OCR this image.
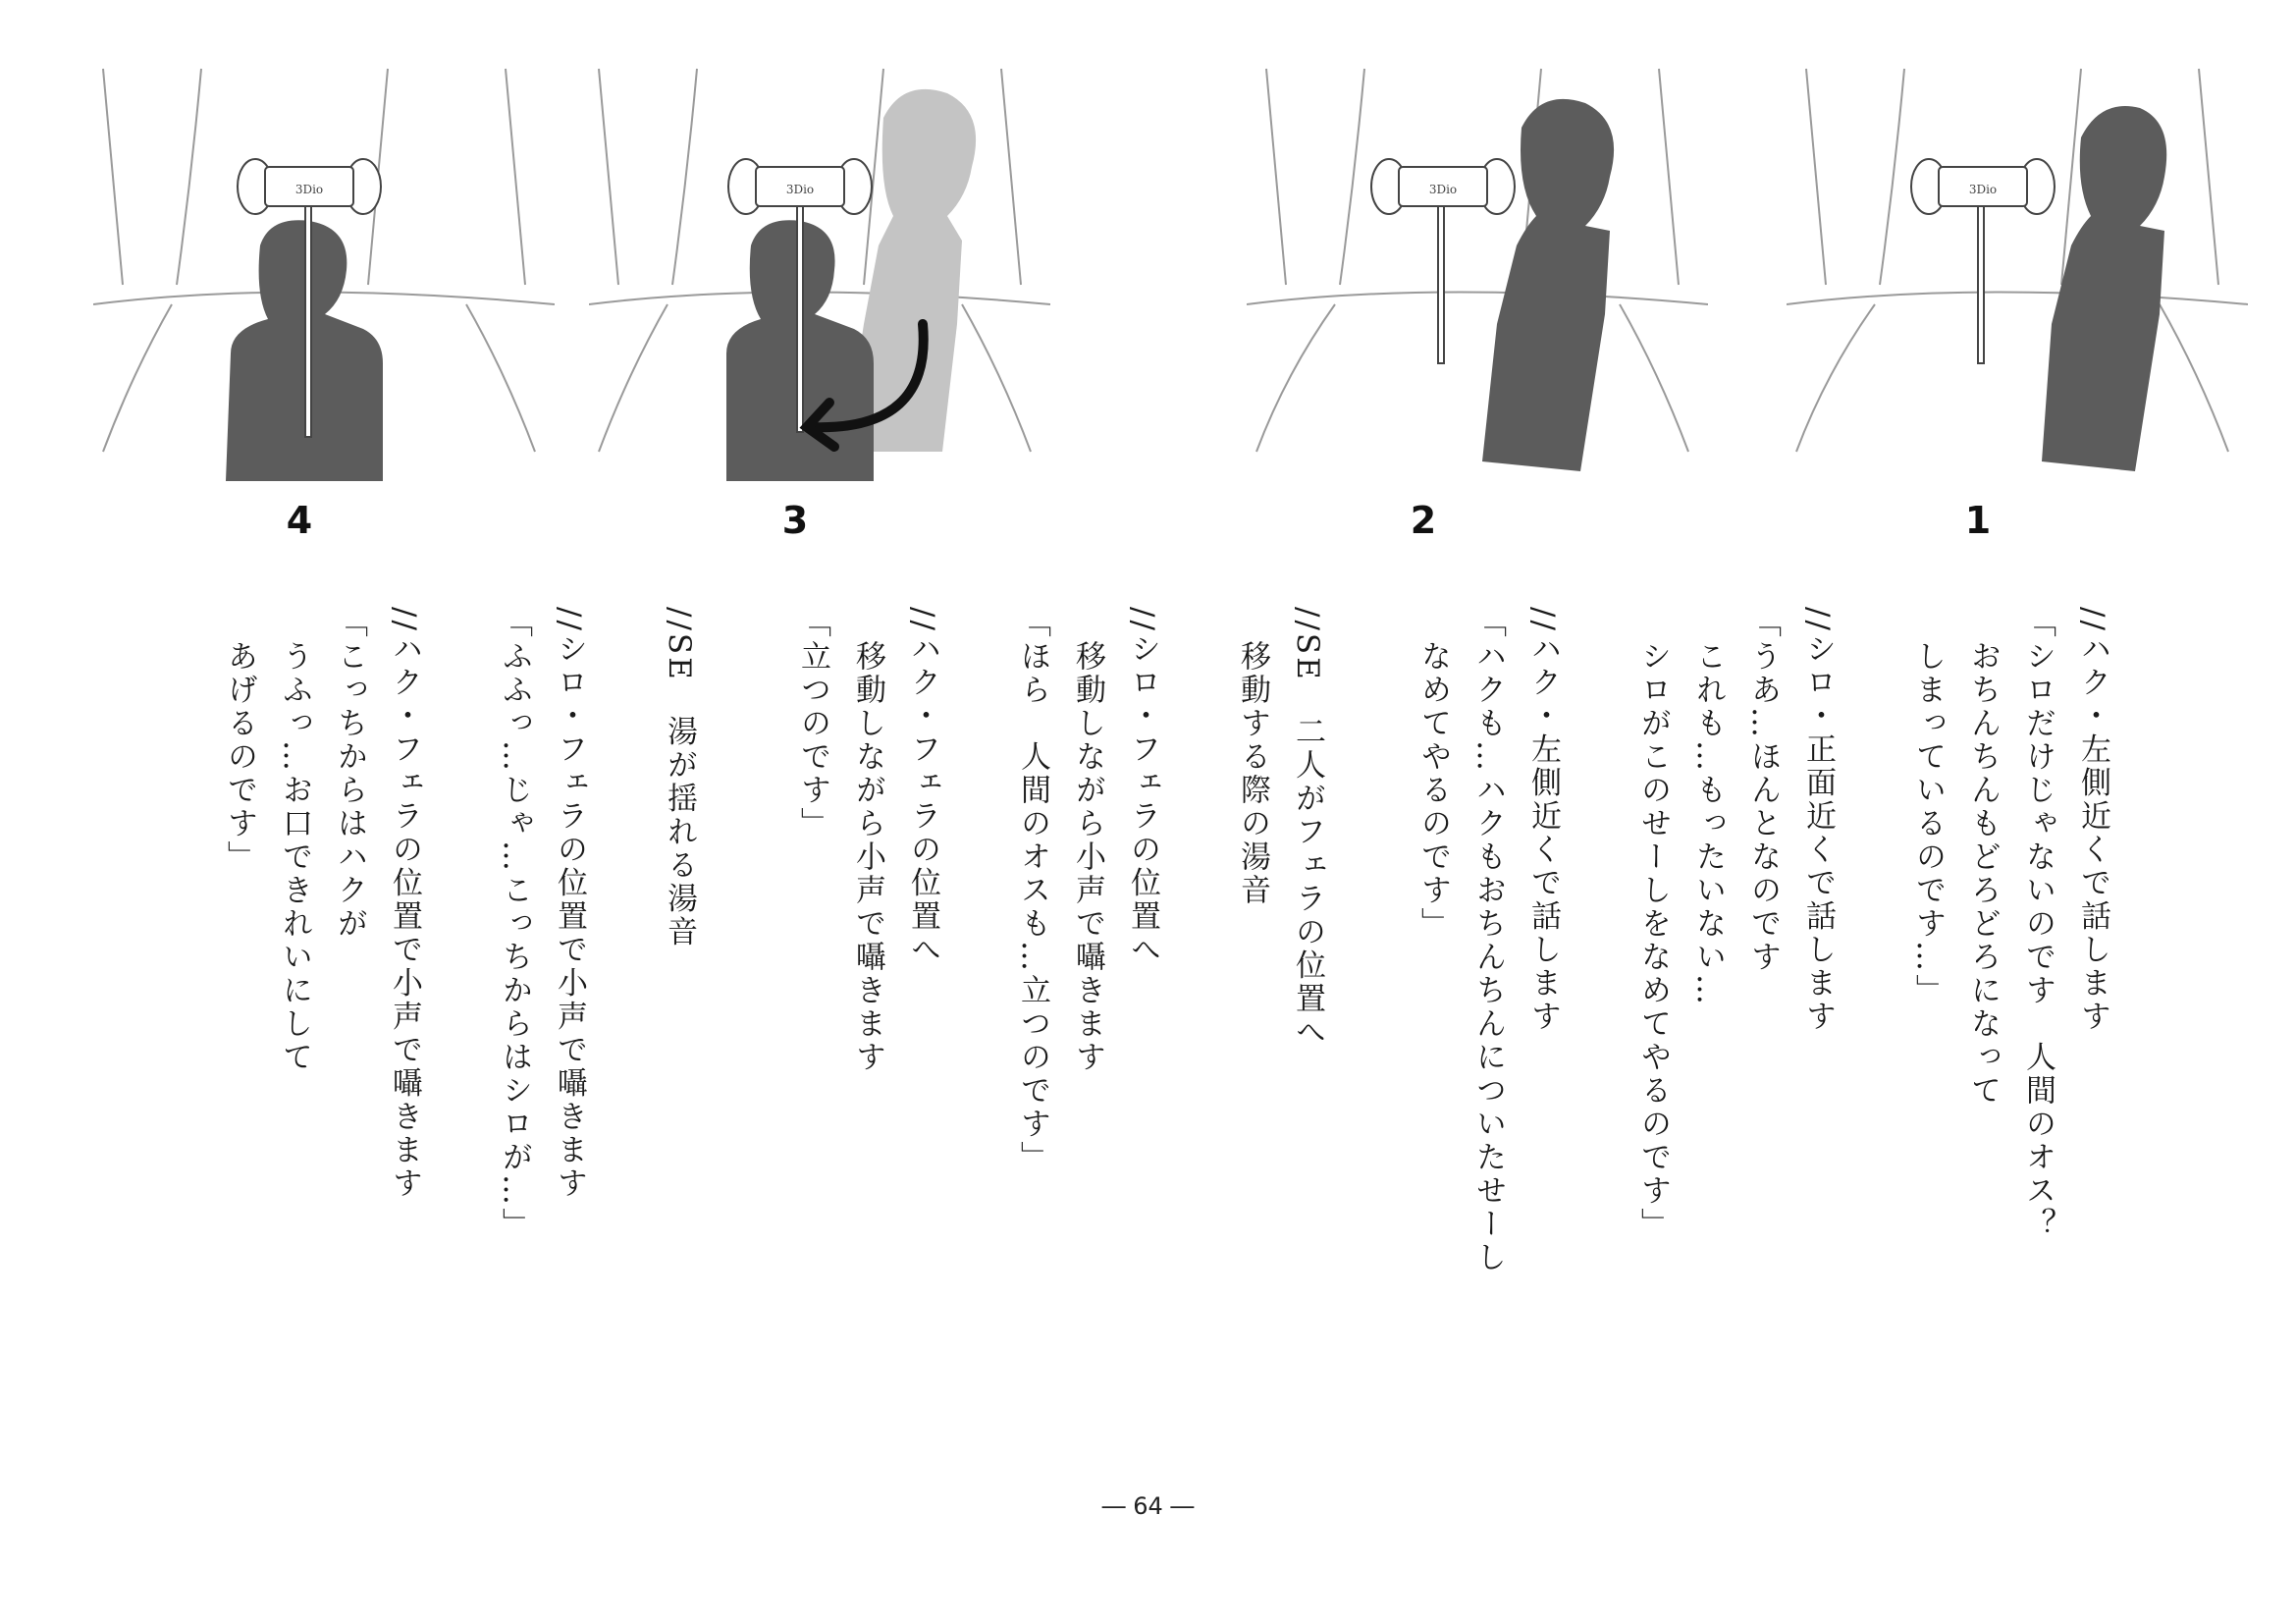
3Dio
1
3Dio
2
3Dio
3
3Dio
4
//ハク・左側近くで話します
「シロだけじゃないのです　人間のオス？
　おちんちんもどろどろになって
　しまっているのです…」
//シロ・正面近くで話します
「うあ…ほんとなのです
　これも…もったいない…
　シロがこのせーしをなめてやるのです」
//ハク・左側近くで話します
「ハクも…ハクもおちんちんについたせーし
　なめてやるのです」
//SE　二人がフェラの位置へ
　移動する際の湯音
//シロ・フェラの位置へ
　移動しながら小声で囁きます
「ほら　人間のオスも…立つのです」
//ハク・フェラの位置へ
　移動しながら小声で囁きます
「立つのです」
//SE　湯が揺れる湯音
//シロ・フェラの位置で小声で囁きます
「ふふっ…じゃ…こっちからはシロが…」
//ハク・フェラの位置で小声で囁きます
「こっちからはハクが
　うふっ…お口できれいにして
　あげるのです」
― 64 ―
